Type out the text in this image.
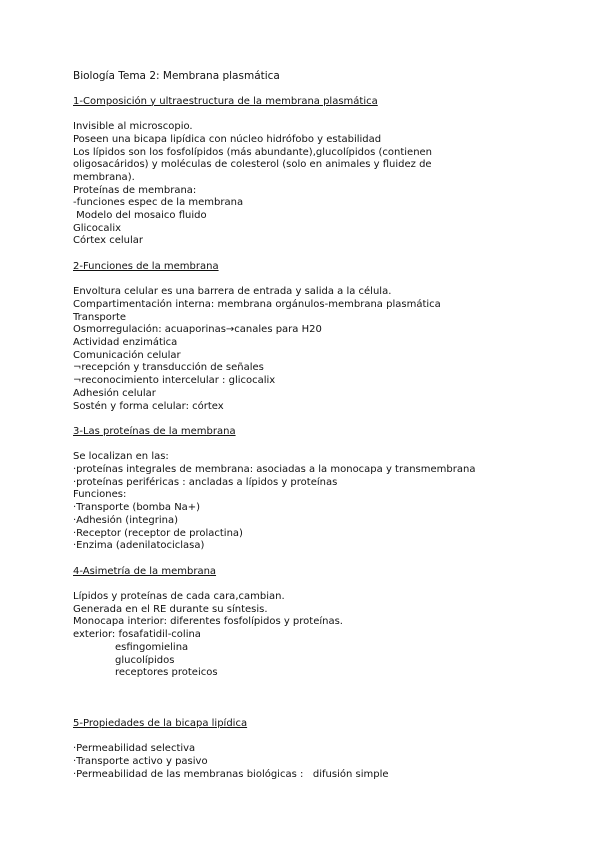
Biología Tema 2: Membrana plasmática
1-Composición y ultraestructura de la membrana plasmática
Invisible al microscopio.
Poseen una bicapa lipídica con núcleo hidrófobo y estabilidad
Los lípidos son los fosfolípidos (más abundante),glucolípidos (contienen oligosacáridos) y moléculas de colesterol (solo en animales y fluidez de membrana).
Proteínas de membrana:
-funciones espec de la membrana
Modelo del mosaico fluido
Glicocalix
Córtex celular
2-Funciones de la membrana
Envoltura celular es una barrera de entrada y salida a la célula.
Compartimentación interna: membrana orgánulos-membrana plasmática
Transporte
Osmorregulación: acuaporinas→canales para H20
Actividad enzimática
Comunicación celular
¬recepción y transducción de señales
¬reconocimiento intercelular : glicocalix
Adhesión celular
Sostén y forma celular: córtex
3-Las proteínas de la membrana
Se localizan en las:
·proteínas integrales de membrana: asociadas a la monocapa y transmembrana
·proteínas periféricas : ancladas a lípidos y proteínas
Funciones:
·Transporte (bomba Na+)
·Adhesión (integrina)
·Receptor (receptor de prolactina)
·Enzima (adenilatociclasa)
4-Asimetría de la membrana
Lípidos y proteínas de cada cara,cambian.
Generada en el RE durante su síntesis.
Monocapa interior: diferentes fosfolípidos y proteínas.
exterior: fosafatidil-colina
esfingomielina
glucolípidos
receptores proteicos
5-Propiedades de la bicapa lipídica
·Permeabilidad selectiva
·Transporte activo y pasivo
·Permeabilidad de las membranas biológicas :   difusión simple
